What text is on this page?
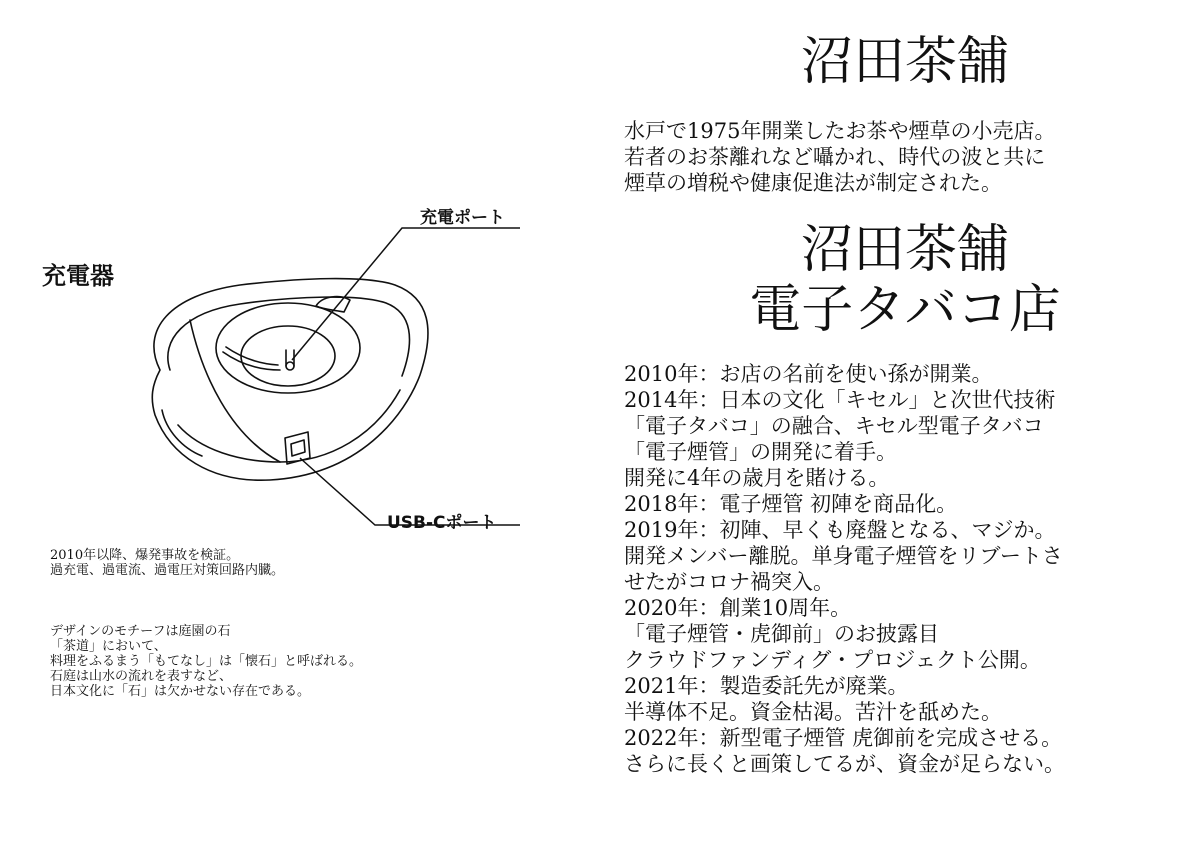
充電器
充電ポート
USB-Cポート
2010年以降、爆発事故を検証。
過充電、過電流、過電圧対策回路内臓。
デザインのモチーフは庭園の石
「茶道」において、
料理をふるまう「もてなし」は「懐石」と呼ばれる。
石庭は山水の流れを表すなど、
日本文化に「石」は欠かせない存在である。
沼田茶舗
水戸で1975年開業したお茶や煙草の小売店。
若者のお茶離れなど囁かれ、時代の波と共に
煙草の増税や健康促進法が制定された。
沼田茶舗
電子タバコ店
2010年：お店の名前を使い孫が開業。
2014年：日本の文化「キセル」と次世代技術
「電子タバコ」の融合、キセル型電子タバコ
「電子煙管」の開発に着手。
開発に4年の歳月を賭ける。
2018年：電子煙管 初陣を商品化。
2019年：初陣、早くも廃盤となる、マジか。
開発メンバー離脱。単身電子煙管をリブートさ
せたがコロナ禍突入。
2020年：創業10周年。
「電子煙管・虎御前」のお披露目
クラウドファンディグ・プロジェクト公開。
2021年：製造委託先が廃業。
半導体不足。資金枯渇。苦汁を舐めた。
2022年：新型電子煙管 虎御前を完成させる。
さらに長くと画策してるが、資金が足らない。
